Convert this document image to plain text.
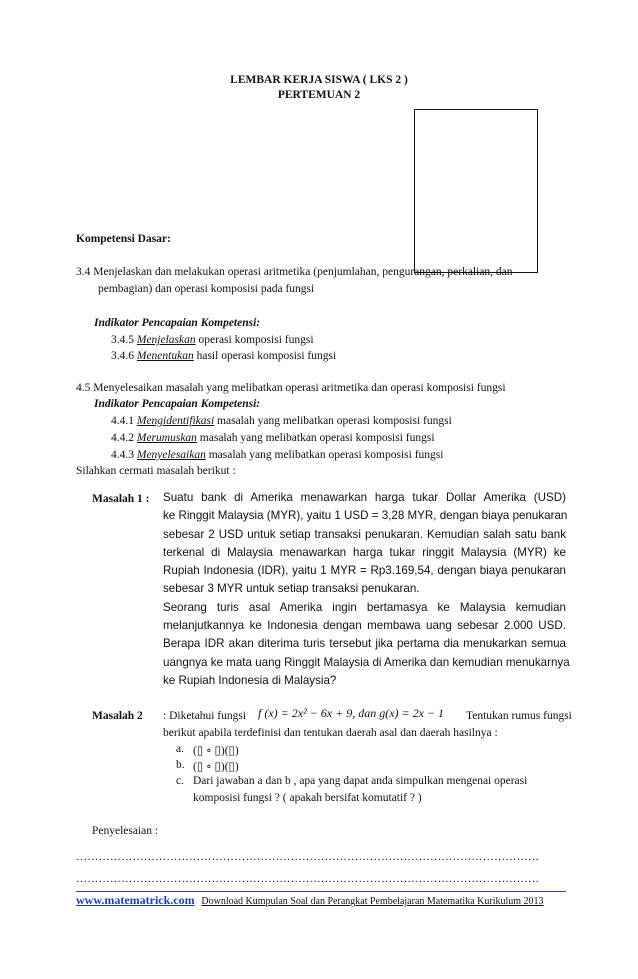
LEMBAR KERJA SISWA ( LKS 2 )
PERTEMUAN 2
Kompetensi Dasar:
3.4 Menjelaskan dan melakukan operasi aritmetika (penjumlahan, pengurangan, perkalian, dan
pembagian) dan operasi komposisi pada fungsi
Indikator Pencapaian Kompetensi:
3.4.5 Menjelaskan operasi komposisi fungsi
3.4.6 Menentukan hasil operasi komposisi fungsi
4.5 Menyelesaikan masalah yang melibatkan operasi aritmetika dan operasi komposisi fungsi
Indikator Pencapaian Kompetensi:
4.4.1 Mengidentifikasi masalah yang melibatkan operasi komposisi fungsi
4.4.2 Merumuskan masalah yang melibatkan operasi komposisi fungsi
4.4.3 Menyelesaikan masalah yang melibatkan operasi komposisi fungsi
Silahkan cermati masalah berikut :
Masalah 1 : Suatu bank di Amerika menawarkan harga tukar Dollar Amerika (USD)
ke Ringgit Malaysia (MYR), yaitu 1 USD = 3,28 MYR, dengan biaya penukaran
sebesar 2 USD untuk setiap transaksi penukaran. Kemudian salah satu bank
terkenal di Malaysia menawarkan harga tukar ringgit Malaysia (MYR) ke
Rupiah Indonesia (IDR), yaitu 1 MYR = Rp3.169,54, dengan biaya penukaran
sebesar 3 MYR untuk setiap transaksi penukaran.
Seorang turis asal Amerika ingin bertamasya ke Malaysia kemudian
melanjutkannya ke Indonesia dengan membawa uang sebesar 2.000 USD.
Berapa IDR akan diterima turis tersebut jika pertama dia menukarkan semua
uangnya ke mata uang Ringgit Malaysia di Amerika dan kemudian menukarnya
ke Rupiah Indonesia di Malaysia?
Masalah 2 : Diketahui fungsi f (x) = 2x² − 6x + 9, dan g(x) = 2x − 1 Tentukan rumus fungsi
berikut apabila terdefinisi dan tentukan daerah asal dan daerah hasilnya :
a. (▯ ∘ ▯)(▯)
b. (▯ ∘ ▯)(▯)
c. Dari jawaban a dan b , apa yang dapat anda simpulkan mengenai operasi
komposisi fungsi ? ( apakah bersifat komutatif ? )
Penyelesaian :
……………………………………………………………………………………………………………
……………………………………………………………………………………………………………
www.matematrick.com Download Kumpulan Soal dan Perangkat Pembelajaran Matematika Kurikulum 2013
